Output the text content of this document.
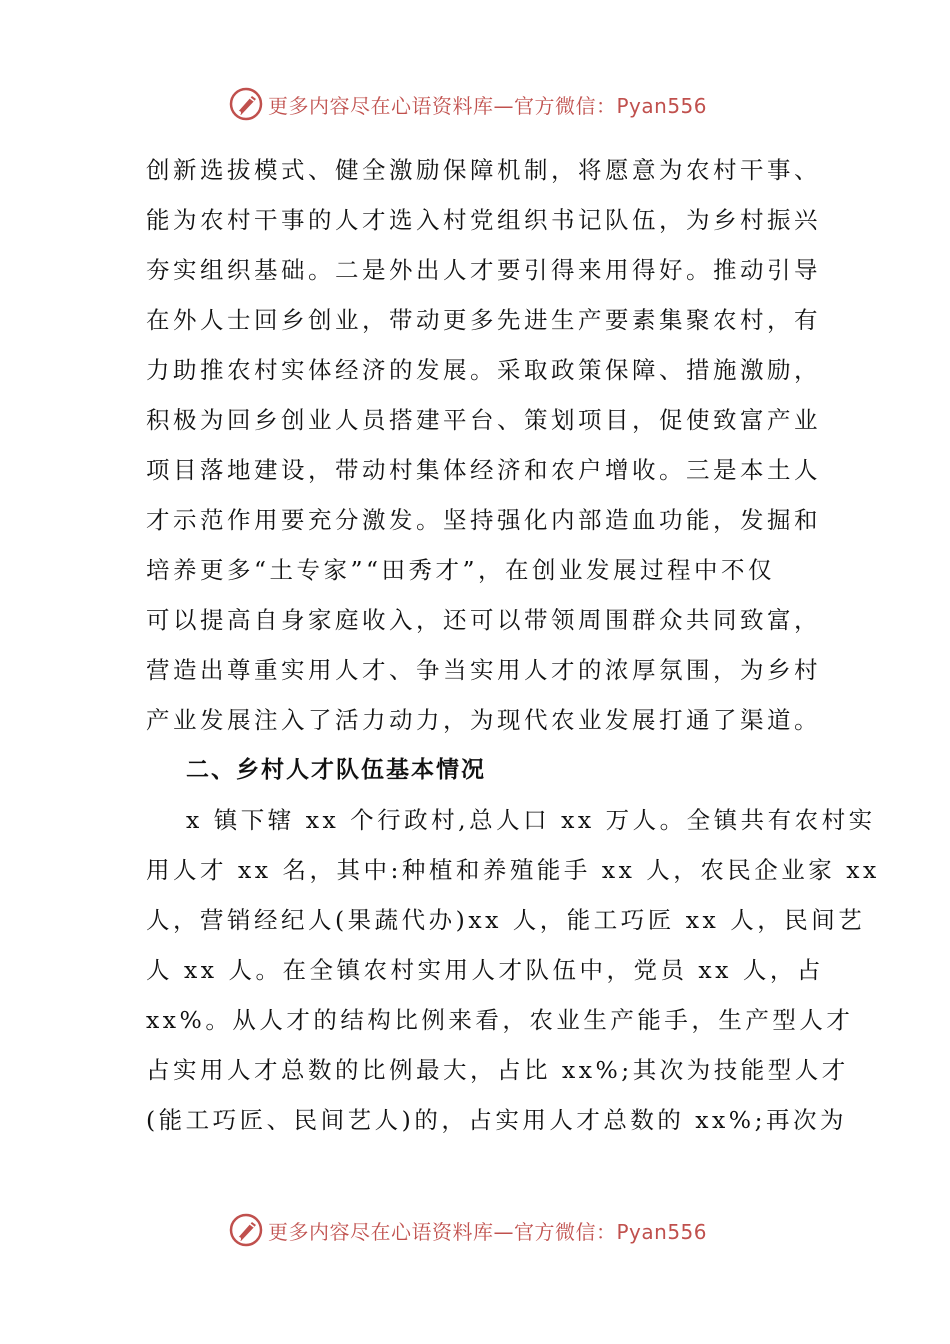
更多内容尽在心语资料库—官方微信：Pyan556
创新选拔模式、健全激励保障机制，将愿意为农村干事、
能为农村干事的人才选入村党组织书记队伍，为乡村振兴
夯实组织基础。二是外出人才要引得来用得好。推动引导
在外人士回乡创业，带动更多先进生产要素集聚农村，有
力助推农村实体经济的发展。采取政策保障、措施激励，
积极为回乡创业人员搭建平台、策划项目，促使致富产业
项目落地建设，带动村集体经济和农户增收。三是本土人
才示范作用要充分激发。坚持强化内部造血功能，发掘和
培养更多“土专家”“田秀才”，在创业发展过程中不仅
可以提高自身家庭收入，还可以带领周围群众共同致富，
营造出尊重实用人才、争当实用人才的浓厚氛围，为乡村
产业发展注入了活力动力，为现代农业发展打通了渠道。
二、乡村人才队伍基本情况
x 镇下辖 xx 个行政村,总人口 xx 万人。全镇共有农村实
用人才 xx 名，其中:种植和养殖能手 xx 人，农民企业家 xx
人，营销经纪人(果蔬代办)xx 人，能工巧匠 xx 人，民间艺
人 xx 人。在全镇农村实用人才队伍中，党员 xx 人，占
xx%。从人才的结构比例来看，农业生产能手，生产型人才
占实用人才总数的比例最大，占比 xx%;其次为技能型人才
(能工巧匠、民间艺人)的，占实用人才总数的 xx%;再次为
更多内容尽在心语资料库—官方微信：Pyan556
